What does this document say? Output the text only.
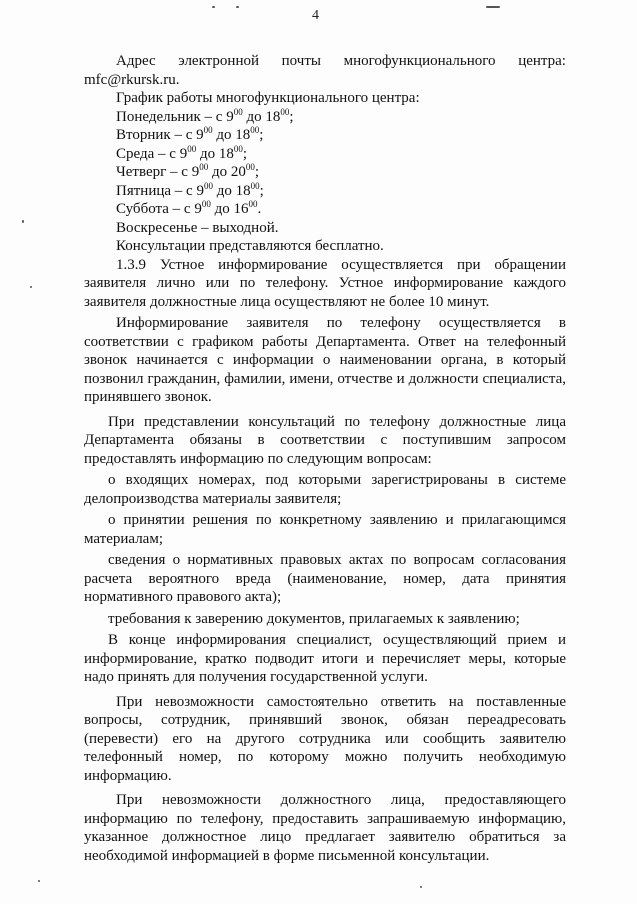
4
Адрес электронной почты многофункционального центра:

mfc@rkursk.ru.

График работы многофункционального центра:

Понедельник – с $9^{00}$ до $18^{00}$;

Вторник – с $9^{00}$ до $18^{00}$;

Среда – с $9^{00}$ до $18^{00}$;

Четверг – с $9^{00}$ до $20^{00}$;

Пятница – с $9^{00}$ до $18^{00}$;

Суббота – с $9^{00}$ до $16^{00}$.

Воскресенье – выходной.

Консультации представляются бесплатно.

1.3.9 Устное информирование осуществляется при обращении заявителя лично или по телефону. Устное информирование каждого заявителя должностные лица осуществляют не более 10 минут.

Информирование заявителя по телефону осуществляется в соответствии с графиком работы Департамента. Ответ на телефонный звонок начинается с информации о наименовании органа, в который позвонил гражданин, фамилии, имени, отчестве и должности специалиста, принявшего звонок.

При представлении консультаций по телефону должностные лица Департамента обязаны в соответствии с поступившим запросом предоставлять информацию по следующим вопросам:

о входящих номерах, под которыми зарегистрированы в системе делопроизводства материалы заявителя;

о принятии решения по конкретному заявлению и прилагающимся материалам;

сведения о нормативных правовых актах по вопросам согласования расчета вероятного вреда (наименование, номер, дата принятия нормативного правового акта);

требования к заверению документов, прилагаемых к заявлению;

В конце информирования специалист, осуществляющий прием и информирование, кратко подводит итоги и перечисляет меры, которые надо принять для получения государственной услуги.

При невозможности самостоятельно ответить на поставленные вопросы, сотрудник, принявший звонок, обязан переадресовать (перевести) его на другого сотрудника или сообщить заявителю телефонный номер, по которому можно получить необходимую информацию.

При невозможности должностного лица, предоставляющего информацию по телефону, предоставить запрашиваемую информацию, указанное должностное лицо предлагает заявителю обратиться за необходимой информацией в форме письменной консультации.
